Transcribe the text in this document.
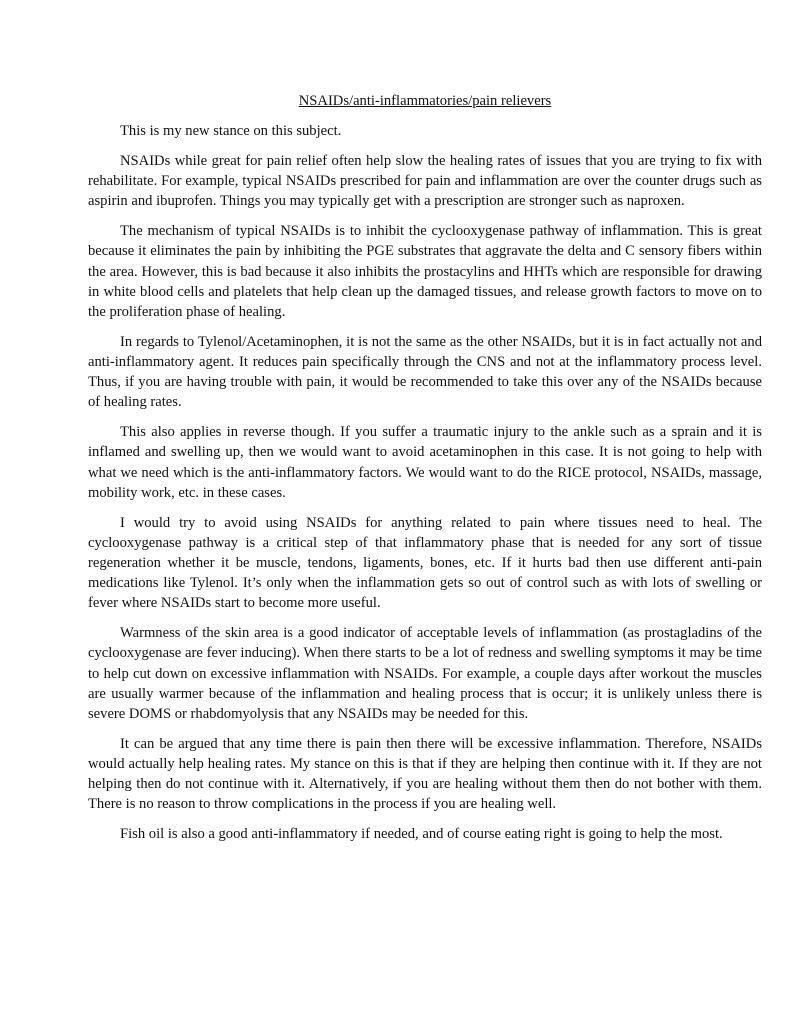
NSAIDs/anti-inflammatories/pain relievers

This is my new stance on this subject.

NSAIDs while great for pain relief often help slow the healing rates of issues that you are trying to fix with rehabilitate. For example, typical NSAIDs prescribed for pain and inflammation are over the counter drugs such as aspirin and ibuprofen. Things you may typically get with a prescription are stronger such as naproxen.

The mechanism of typical NSAIDs is to inhibit the cyclooxygenase pathway of inflammation. This is great because it eliminates the pain by inhibiting the PGE substrates that aggravate the delta and C sensory fibers within the area. However, this is bad because it also inhibits the prostacylins and HHTs which are responsible for drawing in white blood cells and platelets that help clean up the damaged tissues, and release growth factors to move on to the proliferation phase of healing.

In regards to Tylenol/Acetaminophen, it is not the same as the other NSAIDs, but it is in fact actually not and anti-inflammatory agent. It reduces pain specifically through the CNS and not at the inflammatory process level. Thus, if you are having trouble with pain, it would be recommended to take this over any of the NSAIDs because of healing rates.

This also applies in reverse though. If you suffer a traumatic injury to the ankle such as a sprain and it is inflamed and swelling up, then we would want to avoid acetaminophen in this case. It is not going to help with what we need which is the anti-inflammatory factors. We would want to do the RICE protocol, NSAIDs, massage, mobility work, etc. in these cases.

I would try to avoid using NSAIDs for anything related to pain where tissues need to heal. The cyclooxygenase pathway is a critical step of that inflammatory phase that is needed for any sort of tissue regeneration whether it be muscle, tendons, ligaments, bones, etc. If it hurts bad then use different anti-pain medications like Tylenol. It’s only when the inflammation gets so out of control such as with lots of swelling or fever where NSAIDs start to become more useful.

Warmness of the skin area is a good indicator of acceptable levels of inflammation (as prostagladins of the cyclooxygenase are fever inducing). When there starts to be a lot of redness and swelling symptoms it may be time to help cut down on excessive inflammation with NSAIDs. For example, a couple days after workout the muscles are usually warmer because of the inflammation and healing process that is occur; it is unlikely unless there is severe DOMS or rhabdomyolysis that any NSAIDs may be needed for this.

It can be argued that any time there is pain then there will be excessive inflammation. Therefore, NSAIDs would actually help healing rates. My stance on this is that if they are helping then continue with it. If they are not helping then do not continue with it. Alternatively, if you are healing without them then do not bother with them. There is no reason to throw complications in the process if you are healing well.

Fish oil is also a good anti-inflammatory if needed, and of course eating right is going to help the most.
